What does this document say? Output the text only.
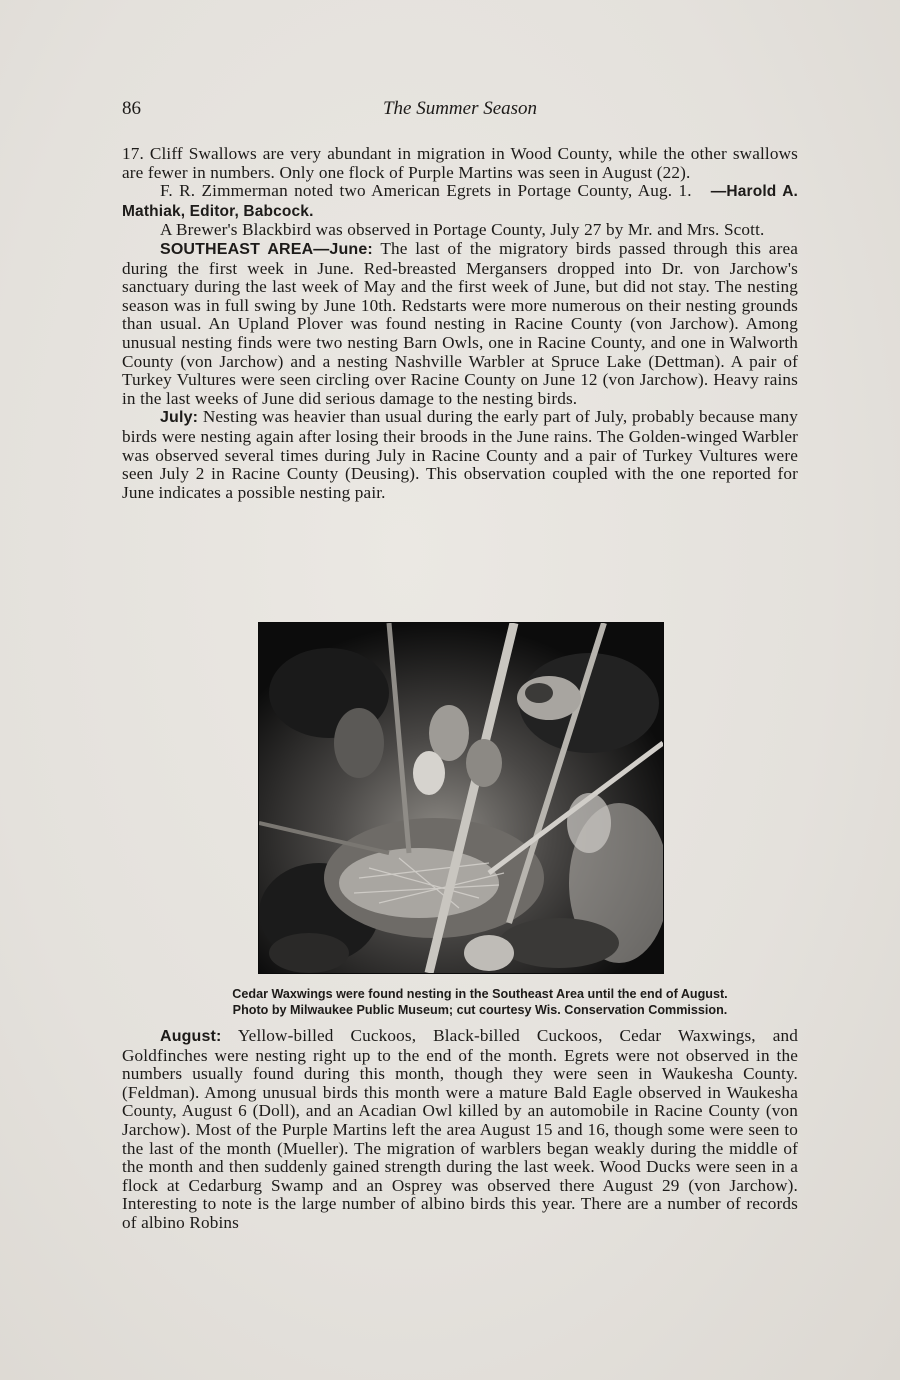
86	The Summer Season

17. Cliff Swallows are very abundant in migration in Wood County, while the other swallows are fewer in numbers. Only one flock of Purple Martins was seen in August (22).

F. R. Zimmerman noted two American Egrets in Portage County, Aug. 1. —Harold A. Mathiak, Editor, Babcock.

A Brewer's Blackbird was observed in Portage County, July 27 by Mr. and Mrs. Scott.

SOUTHEAST AREA—June: The last of the migratory birds passed through this area during the first week in June. Red-breasted Mergansers dropped into Dr. von Jarchow's sanctuary during the last week of May and the first week of June, but did not stay. The nesting season was in full swing by June 10th. Redstarts were more numerous on their nesting grounds than usual. An Upland Plover was found nesting in Racine County (von Jarchow). Among unusual nesting finds were two nesting Barn Owls, one in Racine County, and one in Walworth County (von Jarchow) and a nesting Nashville Warbler at Spruce Lake (Dettman). A pair of Turkey Vultures were seen circling over Racine County on June 12 (von Jarchow). Heavy rains in the last weeks of June did serious damage to the nesting birds.

July: Nesting was heavier than usual during the early part of July, probably because many birds were nesting again after losing their broods in the June rains. The Golden-winged Warbler was observed several times during July in Racine County and a pair of Turkey Vultures were seen July 2 in Racine County (Deusing). This observation coupled with the one reported for June indicates a possible nesting pair.

Cedar Waxwings were found nesting in the Southeast Area until the end of August.
Photo by Milwaukee Public Museum; cut courtesy Wis. Conservation Commission.

August: Yellow-billed Cuckoos, Black-billed Cuckoos, Cedar Waxwings, and Goldfinches were nesting right up to the end of the month. Egrets were not observed in the numbers usually found during this month, though they were seen in Waukesha County. (Feldman). Among unusual birds this month were a mature Bald Eagle observed in Waukesha County, August 6 (Doll), and an Acadian Owl killed by an automobile in Racine County (von Jarchow). Most of the Purple Martins left the area August 15 and 16, though some were seen to the last of the month (Mueller). The migration of warblers began weakly during the middle of the month and then suddenly gained strength during the last week. Wood Ducks were seen in a flock at Cedarburg Swamp and an Osprey was observed there August 29 (von Jarchow). Interesting to note is the large number of albino birds this year. There are a number of records of albino Robins
